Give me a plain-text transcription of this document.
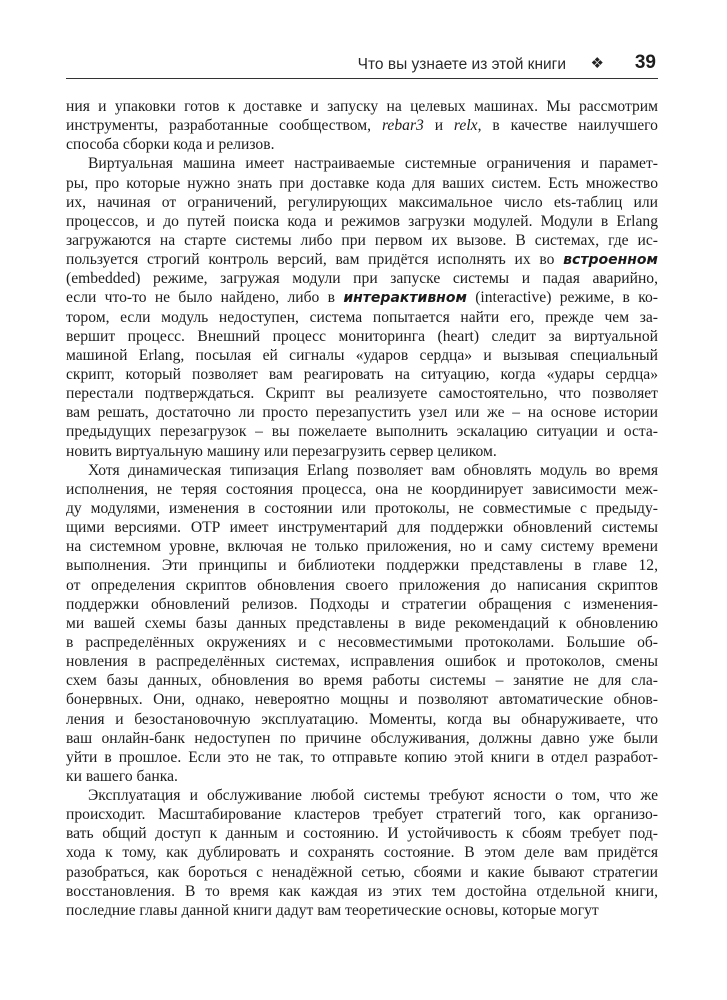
Что вы узнаете из этой книги ❖ 39

ния и упаковки готов к доставке и запуску на целевых машинах. Мы рассмотрим
инструменты, разработанные сообществом, rebar3 и relx, в качестве наилучшего
способа сборки кода и релизов.

Виртуальная машина имеет настраиваемые системные ограничения и парамет-
ры, про которые нужно знать при доставке кода для ваших систем. Есть множество
их, начиная от ограничений, регулирующих максимальное число ets-таблиц или
процессов, и до путей поиска кода и режимов загрузки модулей. Модули в Erlang
загружаются на старте системы либо при первом их вызове. В системах, где ис-
пользуется строгий контроль версий, вам придётся исполнять их во встроенном
(embedded) режиме, загружая модули при запуске системы и падая аварийно,
если что-то не было найдено, либо в интерактивном (interactive) режиме, в ко-
тором, если модуль недоступен, система попытается найти его, прежде чем за-
вершит процесс. Внешний процесс мониторинга (heart) следит за виртуальной
машиной Erlang, посылая ей сигналы «ударов сердца» и вызывая специальный
скрипт, который позволяет вам реагировать на ситуацию, когда «удары сердца»
перестали подтверждаться. Скрипт вы реализуете самостоятельно, что позволяет
вам решать, достаточно ли просто перезапустить узел или же – на основе истории
предыдущих перезагрузок – вы пожелаете выполнить эскалацию ситуации и оста-
новить виртуальную машину или перезагрузить сервер целиком.

Хотя динамическая типизация Erlang позволяет вам обновлять модуль во время
исполнения, не теряя состояния процесса, она не координирует зависимости меж-
ду модулями, изменения в состоянии или протоколы, не совместимые с предыду-
щими версиями. OTP имеет инструментарий для поддержки обновлений системы
на системном уровне, включая не только приложения, но и саму систему времени
выполнения. Эти принципы и библиотеки поддержки представлены в главе 12,
от определения скриптов обновления своего приложения до написания скриптов
поддержки обновлений релизов. Подходы и стратегии обращения с изменения-
ми вашей схемы базы данных представлены в виде рекомендаций к обновлению
в распределённых окружениях и с несовместимыми протоколами. Большие об-
новления в распределённых системах, исправления ошибок и протоколов, смены
схем базы данных, обновления во время работы системы – занятие не для сла-
бонервных. Они, однако, невероятно мощны и позволяют автоматические обнов-
ления и безостановочную эксплуатацию. Моменты, когда вы обнаруживаете, что
ваш онлайн-банк недоступен по причине обслуживания, должны давно уже были
уйти в прошлое. Если это не так, то отправьте копию этой книги в отдел разработ-
ки вашего банка.

Эксплуатация и обслуживание любой системы требуют ясности о том, что же
происходит. Масштабирование кластеров требует стратегий того, как организо-
вать общий доступ к данным и состоянию. И устойчивость к сбоям требует под-
хода к тому, как дублировать и сохранять состояние. В этом деле вам придётся
разобраться, как бороться с ненадёжной сетью, сбоями и какие бывают стратегии
восстановления. В то время как каждая из этих тем достойна отдельной книги,
последние главы данной книги дадут вам теоретические основы, которые могут
